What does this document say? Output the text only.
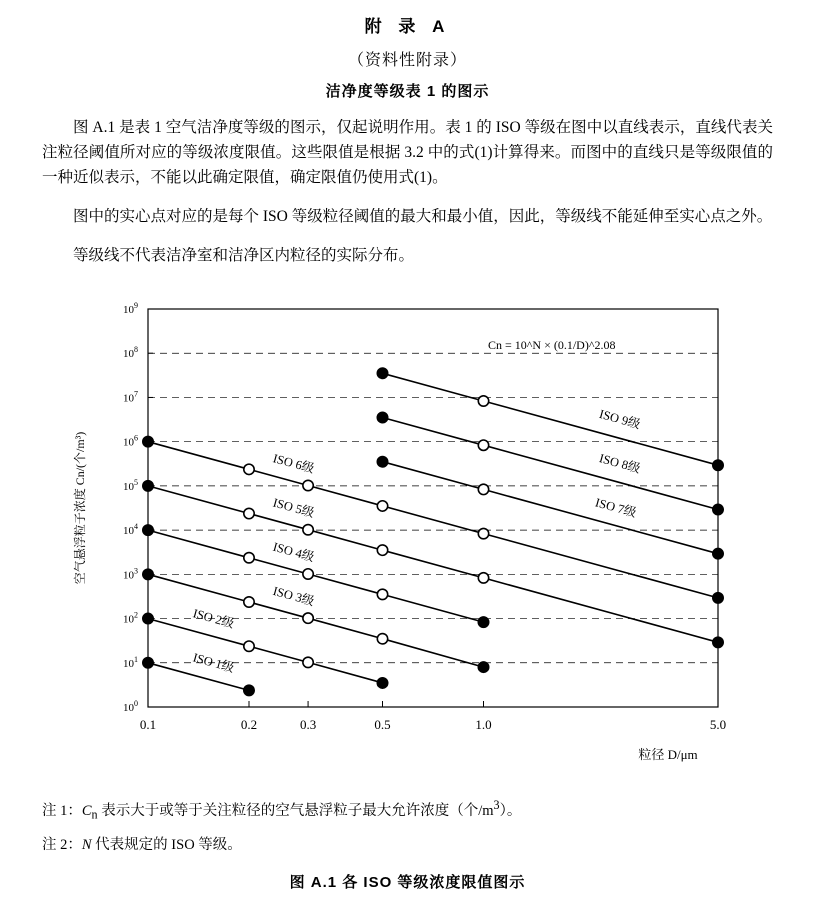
附 录 A
（资料性附录）
洁净度等级表 1 的图示
图 A.1 是表 1 空气洁净度等级的图示，仅起说明作用。表 1 的 ISO 等级在图中以直线表示，直线代表关注粒径阈值所对应的等级浓度限值。这些限值是根据 3.2 中的式(1)计算得来。而图中的直线只是等级限值的一种近似表示，不能以此确定限值，确定限值仍使用式(1)。
图中的实心点对应的是每个 ISO 等级粒径阈值的最大和最小值，因此，等级线不能延伸至实心点之外。
等级线不代表洁净室和洁净区内粒径的实际分布。
$10^0$
$10^1$
$10^2$
$10^3$
$10^4$
$10^5$
$10^6$
$10^7$
$10^8$
$10^9$
0.1	0.2	0.3	0.5	1.0	5.0
粒径 D/μm
空气悬浮粒子浓度 Cn/(个/m³)
Cn = 10^N × (0.1/D)^2.08
ISO 1级
ISO 2级
ISO 3级
ISO 4级
ISO 5级
ISO 6级
ISO 7级
ISO 8级
ISO 9级
注 1：$C_n$ 表示大于或等于关注粒径的空气悬浮粒子最大允许浓度（个$/m^3$）。
注 2：N 代表规定的 ISO 等级。
图 A.1 各 ISO 等级浓度限值图示
